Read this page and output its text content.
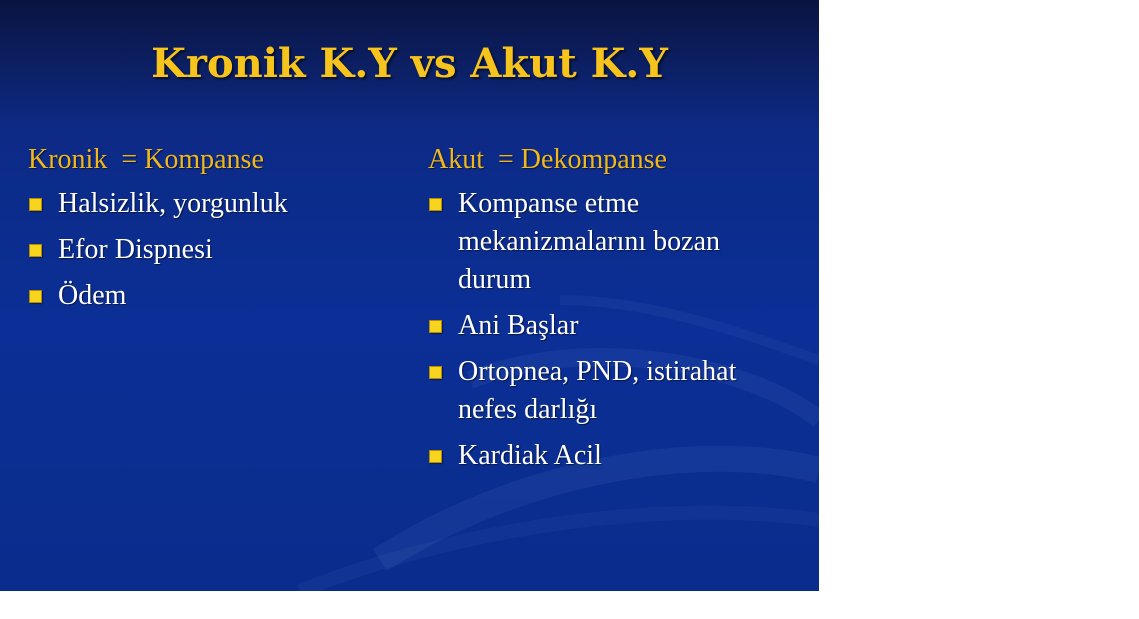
Kronik K.Y vs Akut K.Y
Kronik  = Kompanse
Halsizlik, yorgunluk
Efor Dispnesi
Ödem
Akut  = Dekompanse
Kompanse etme mekanizmalarını bozan durum
Ani Başlar
Ortopnea, PND, istirahat nefes darlığı
Kardiak Acil
